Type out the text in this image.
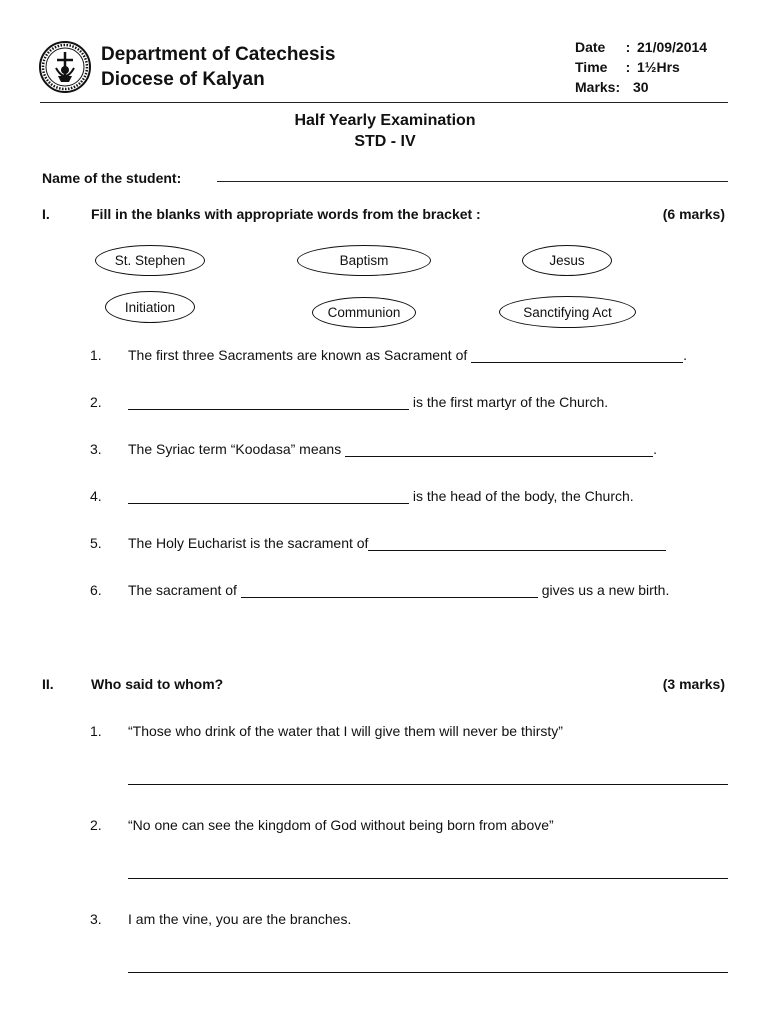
Department of Catechesis
Diocese of Kalyan
Date	: 21/09/2014
Time	: 1½Hrs
Marks: 30
Half Yearly Examination
STD - IV
Name of the student:
I.	Fill in the blanks with appropriate words from the bracket :	(6 marks)
St. Stephen	Baptism	Jesus
Initiation	Communion	Sanctifying Act
1. The first three Sacraments are known as Sacrament of
	.
2.
	is the first martyr of the Church.
3. The Syriac term “Koodasa” means
	.
4.
	is the head of the body, the Church.
5. The Holy Eucharist is the sacrament of
6. The sacrament of

	gives us a new birth.
II.	Who said to whom?	(3 marks)
1. “Those who drink of the water that I will give them will never be thirsty”
2. “No one can see the kingdom of God without being born from above”
3. I am the vine, you are the branches.
